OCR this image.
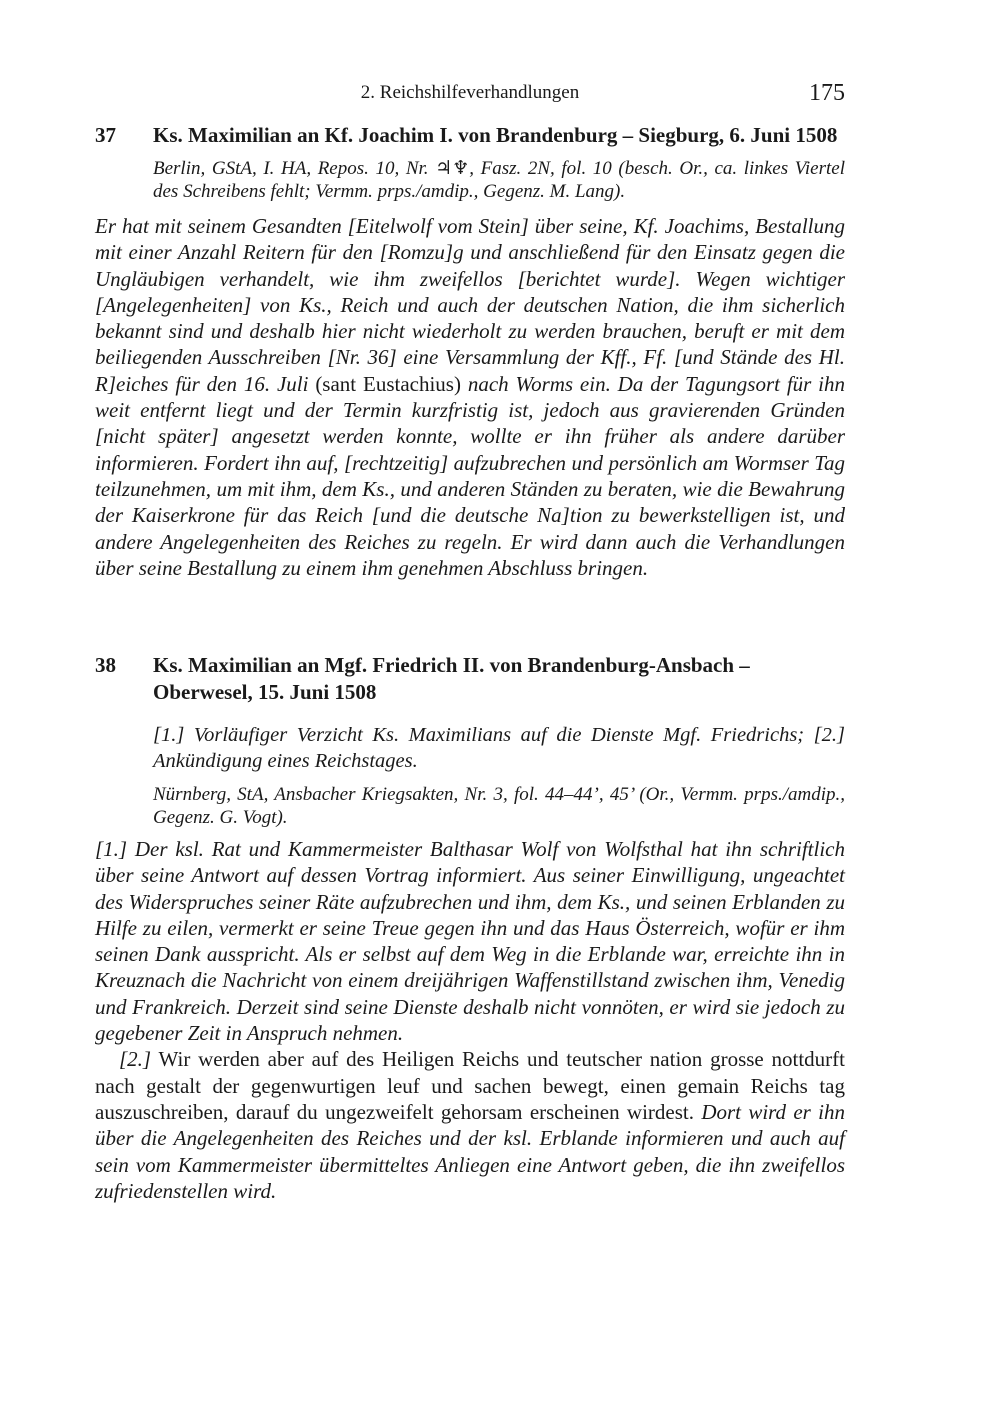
2. Reichshilfeverhandlungen	175
37	Ks. Maximilian an Kf. Joachim I. von Brandenburg – Siegburg, 6. Juni 1508
Berlin, GStA, I. HA, Repos. 10, Nr. ♃♆, Fasz. 2N, fol. 10 (besch. Or., ca. linkes Viertel des Schreibens fehlt; Vermm. prps./amdip., Gegenz. M. Lang).

Er hat mit seinem Gesandten [Eitelwolf vom Stein] über seine, Kf. Joachims, Bestallung mit einer Anzahl Reitern für den [Romzu]g und anschließend für den Einsatz gegen die Ungläubigen verhandelt, wie ihm zweifellos [berichtet wurde]. Wegen wichtiger [Angelegenheiten] von Ks., Reich und auch der deutschen Nation, die ihm sicherlich bekannt sind und deshalb hier nicht wiederholt zu werden brauchen, beruft er mit dem beiliegenden Ausschreiben [Nr. 36] eine Versammlung der Kff., Ff. [und Stände des Hl. R]eiches für den 16. Juli (sant Eustachius) nach Worms ein. Da der Tagungsort für ihn weit entfernt liegt und der Termin kurzfristig ist, jedoch aus gravierenden Gründen [nicht später] angesetzt werden konnte, wollte er ihn früher als andere darüber informieren. Fordert ihn auf, [rechtzeitig] aufzubrechen und persönlich am Wormser Tag teilzunehmen, um mit ihm, dem Ks., und anderen Ständen zu beraten, wie die Bewahrung der Kaiserkrone für das Reich [und die deutsche Na]tion zu bewerkstelligen ist, und andere Angelegenheiten des Reiches zu regeln. Er wird dann auch die Verhandlungen über seine Bestallung zu einem ihm genehmen Abschluss bringen.

38	Ks. Maximilian an Mgf. Friedrich II. von Brandenburg-Ansbach – Oberwesel, 15. Juni 1508
[1.] Vorläufiger Verzicht Ks. Maximilians auf die Dienste Mgf. Friedrichs; [2.] Ankündigung eines Reichstages.
Nürnberg, StA, Ansbacher Kriegsakten, Nr. 3, fol. 44–44’, 45’ (Or., Vermm. prps./amdip., Gegenz. G. Vogt).

[1.] Der ksl. Rat und Kammermeister Balthasar Wolf von Wolfsthal hat ihn schriftlich über seine Antwort auf dessen Vortrag informiert. Aus seiner Einwilligung, ungeachtet des Widerspruches seiner Räte aufzubrechen und ihm, dem Ks., und seinen Erblanden zu Hilfe zu eilen, vermerkt er seine Treue gegen ihn und das Haus Österreich, wofür er ihm seinen Dank ausspricht. Als er selbst auf dem Weg in die Erblande war, erreichte ihn in Kreuznach die Nachricht von einem dreijährigen Waffenstillstand zwischen ihm, Venedig und Frankreich. Derzeit sind seine Dienste deshalb nicht vonnöten, er wird sie jedoch zu gegebener Zeit in Anspruch nehmen.

[2.] Wir werden aber auf des Heiligen Reichs und teutscher nation grosse nottdurft nach gestalt der gegenwurtigen leuf und sachen bewegt, einen gemain Reichs tag auszuschreiben, darauf du ungezweifelt gehorsam erscheinen wirdest. Dort wird er ihn über die Angelegenheiten des Reiches und der ksl. Erblande informieren und auch auf sein vom Kammermeister übermitteltes Anliegen eine Antwort geben, die ihn zweifellos zufriedenstellen wird.
